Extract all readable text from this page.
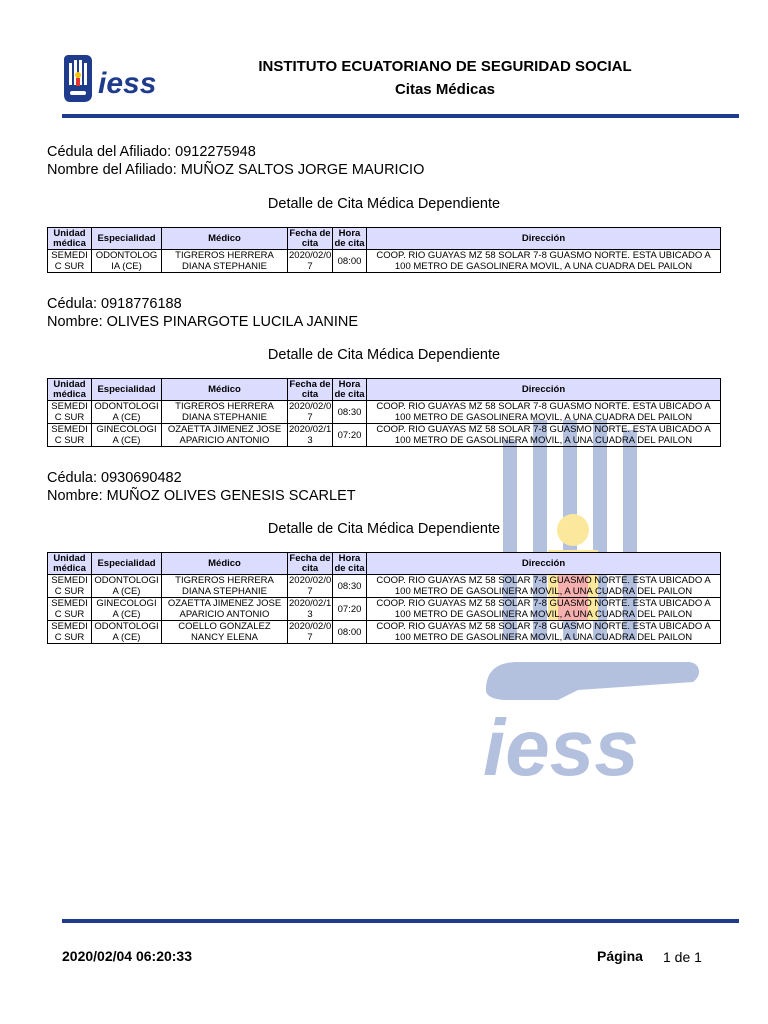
iess
INSTITUTO ECUATORIANO DE SEGURIDAD SOCIAL
Citas Médicas
iess
Cédula del Afiliado: 0912275948
Nombre del Afiliado: MUÑOZ SALTOS JORGE MAURICIO
Detalle de Cita Médica Dependiente
Unidad médica	Especialidad	Médico	Fecha de cita	Hora de cita	Dirección
SEMEDI C SUR	ODONTOLOG IA (CE)	TIGREROS HERRERA DIANA STEPHANIE	2020/02/0 7	08:00	COOP. RIO GUAYAS MZ 58 SOLAR 7-8 GUASMO NORTE. ESTA UBICADO A 100 METRO DE GASOLINERA MOVIL, A UNA CUADRA DEL PAILON
Cédula: 0918776188
Nombre: OLIVES PINARGOTE LUCILA JANINE
Detalle de Cita Médica Dependiente
Unidad médica	Especialidad	Médico	Fecha de cita	Hora de cita	Dirección
SEMEDI C SUR	ODONTOLOGI A (CE)	TIGREROS HERRERA DIANA STEPHANIE	2020/02/0 7	08:30	COOP. RIO GUAYAS MZ 58 SOLAR 7-8 GUASMO NORTE. ESTA UBICADO A 100 METRO DE GASOLINERA MOVIL, A UNA CUADRA DEL PAILON
SEMEDI C SUR	GINECOLOGI A (CE)	OZAETTA JIMENEZ JOSE APARICIO ANTONIO	2020/02/1 3	07:20	COOP. RIO GUAYAS MZ 58 SOLAR 7-8 GUASMO NORTE. ESTA UBICADO A 100 METRO DE GASOLINERA MOVIL, A UNA CUADRA DEL PAILON
Cédula: 0930690482
Nombre: MUÑOZ OLIVES GENESIS SCARLET
Detalle de Cita Médica Dependiente
Unidad médica	Especialidad	Médico	Fecha de cita	Hora de cita	Dirección
SEMEDI C SUR	ODONTOLOGI A (CE)	TIGREROS HERRERA DIANA STEPHANIE	2020/02/0 7	08:30	COOP. RIO GUAYAS MZ 58 SOLAR 7-8 GUASMO NORTE. ESTA UBICADO A 100 METRO DE GASOLINERA MOVIL, A UNA CUADRA DEL PAILON
SEMEDI C SUR	GINECOLOGI A (CE)	OZAETTA JIMENEZ JOSE APARICIO ANTONIO	2020/02/1 3	07:20	COOP. RIO GUAYAS MZ 58 SOLAR 7-8 GUASMO NORTE. ESTA UBICADO A 100 METRO DE GASOLINERA MOVIL, A UNA CUADRA DEL PAILON
SEMEDI C SUR	ODONTOLOGI A (CE)	COELLO GONZALEZ NANCY ELENA	2020/02/0 7	08:00	COOP. RIO GUAYAS MZ 58 SOLAR 7-8 GUASMO NORTE. ESTA UBICADO A 100 METRO DE GASOLINERA MOVIL, A UNA CUADRA DEL PAILON
2020/02/04 06:20:33	Página 1 de 1
